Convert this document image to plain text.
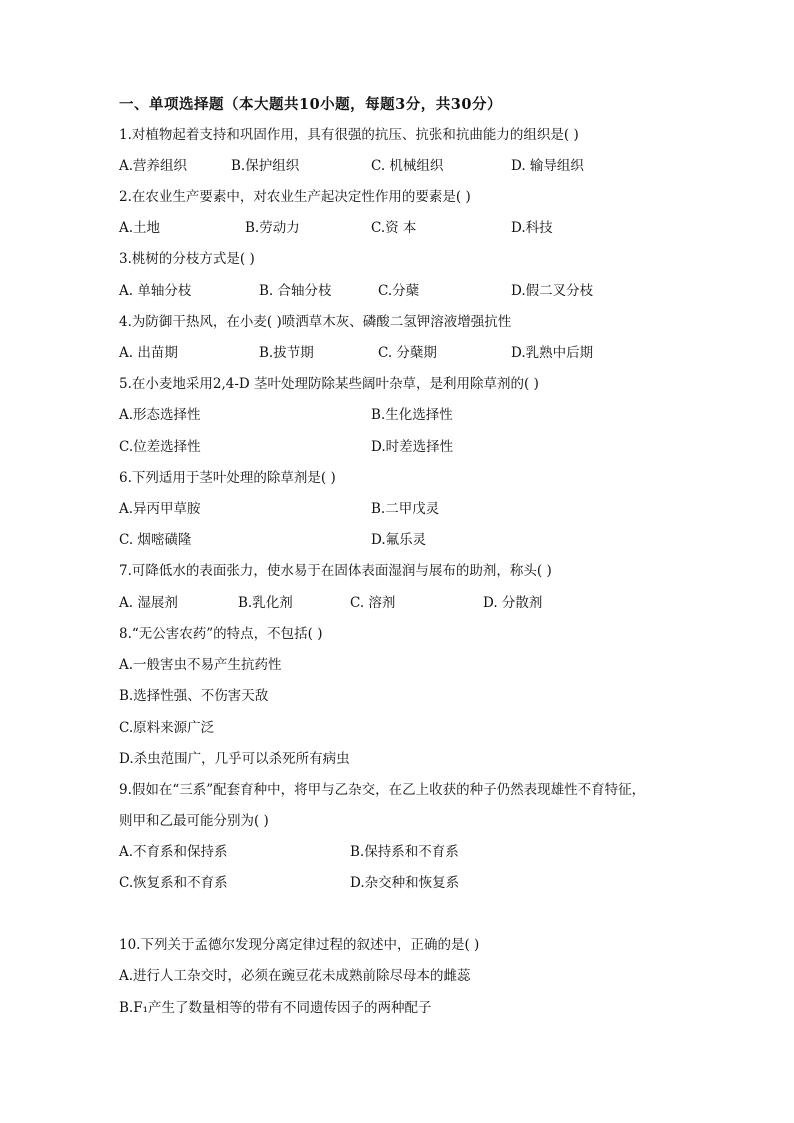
一、单项选择题（本大题共10小题，每题3分，共30分）
1.对植物起着支持和巩固作用，具有很强的抗压、抗张和抗曲能力的组织是( )
A.营养组织	B.保护组织	C. 机械组织	D. 输导组织
2.在农业生产要素中，对农业生产起决定性作用的要素是( )
A.土地	B.劳动力	C.资 本	D.科技
3.桃树的分枝方式是( )
A. 单轴分枝	B. 合轴分枝	C.分蘖	D.假二叉分枝
4.为防御干热风，在小麦( )喷洒草木灰、磷酸二氢钾溶液增强抗性
A. 出苗期	B.拔节期	C. 分蘖期	D.乳熟中后期
5.在小麦地采用2,4-D 茎叶处理防除某些阔叶杂草，是利用除草剂的( )
A.形态选择性	B.生化选择性
C.位差选择性	D.时差选择性
6.下列适用于茎叶处理的除草剂是( )
A.异丙甲草胺	B.二甲戊灵
C. 烟嘧磺隆	D.氟乐灵
7.可降低水的表面张力，使水易于在固体表面湿润与展布的助剂，称头( )
A. 湿展剂	B.乳化剂	C. 溶剂	D. 分散剂
8.“无公害农药”的特点，不包括( )
A.一般害虫不易产生抗药性
B.选择性强、不伤害天敌
C.原料来源广泛
D.杀虫范围广，几乎可以杀死所有病虫
9.假如在“三系”配套育种中，将甲与乙杂交，在乙上收获的种子仍然表现雄性不育特征，
则甲和乙最可能分别为( )
A.不育系和保持系	B.保持系和不育系
C.恢复系和不育系	D.杂交种和恢复系
10.下列关于孟德尔发现分离定律过程的叙述中，正确的是( )
A.进行人工杂交时，必须在豌豆花未成熟前除尽母本的雌蕊
B.F₁产生了数量相等的带有不同遗传因子的两种配子
